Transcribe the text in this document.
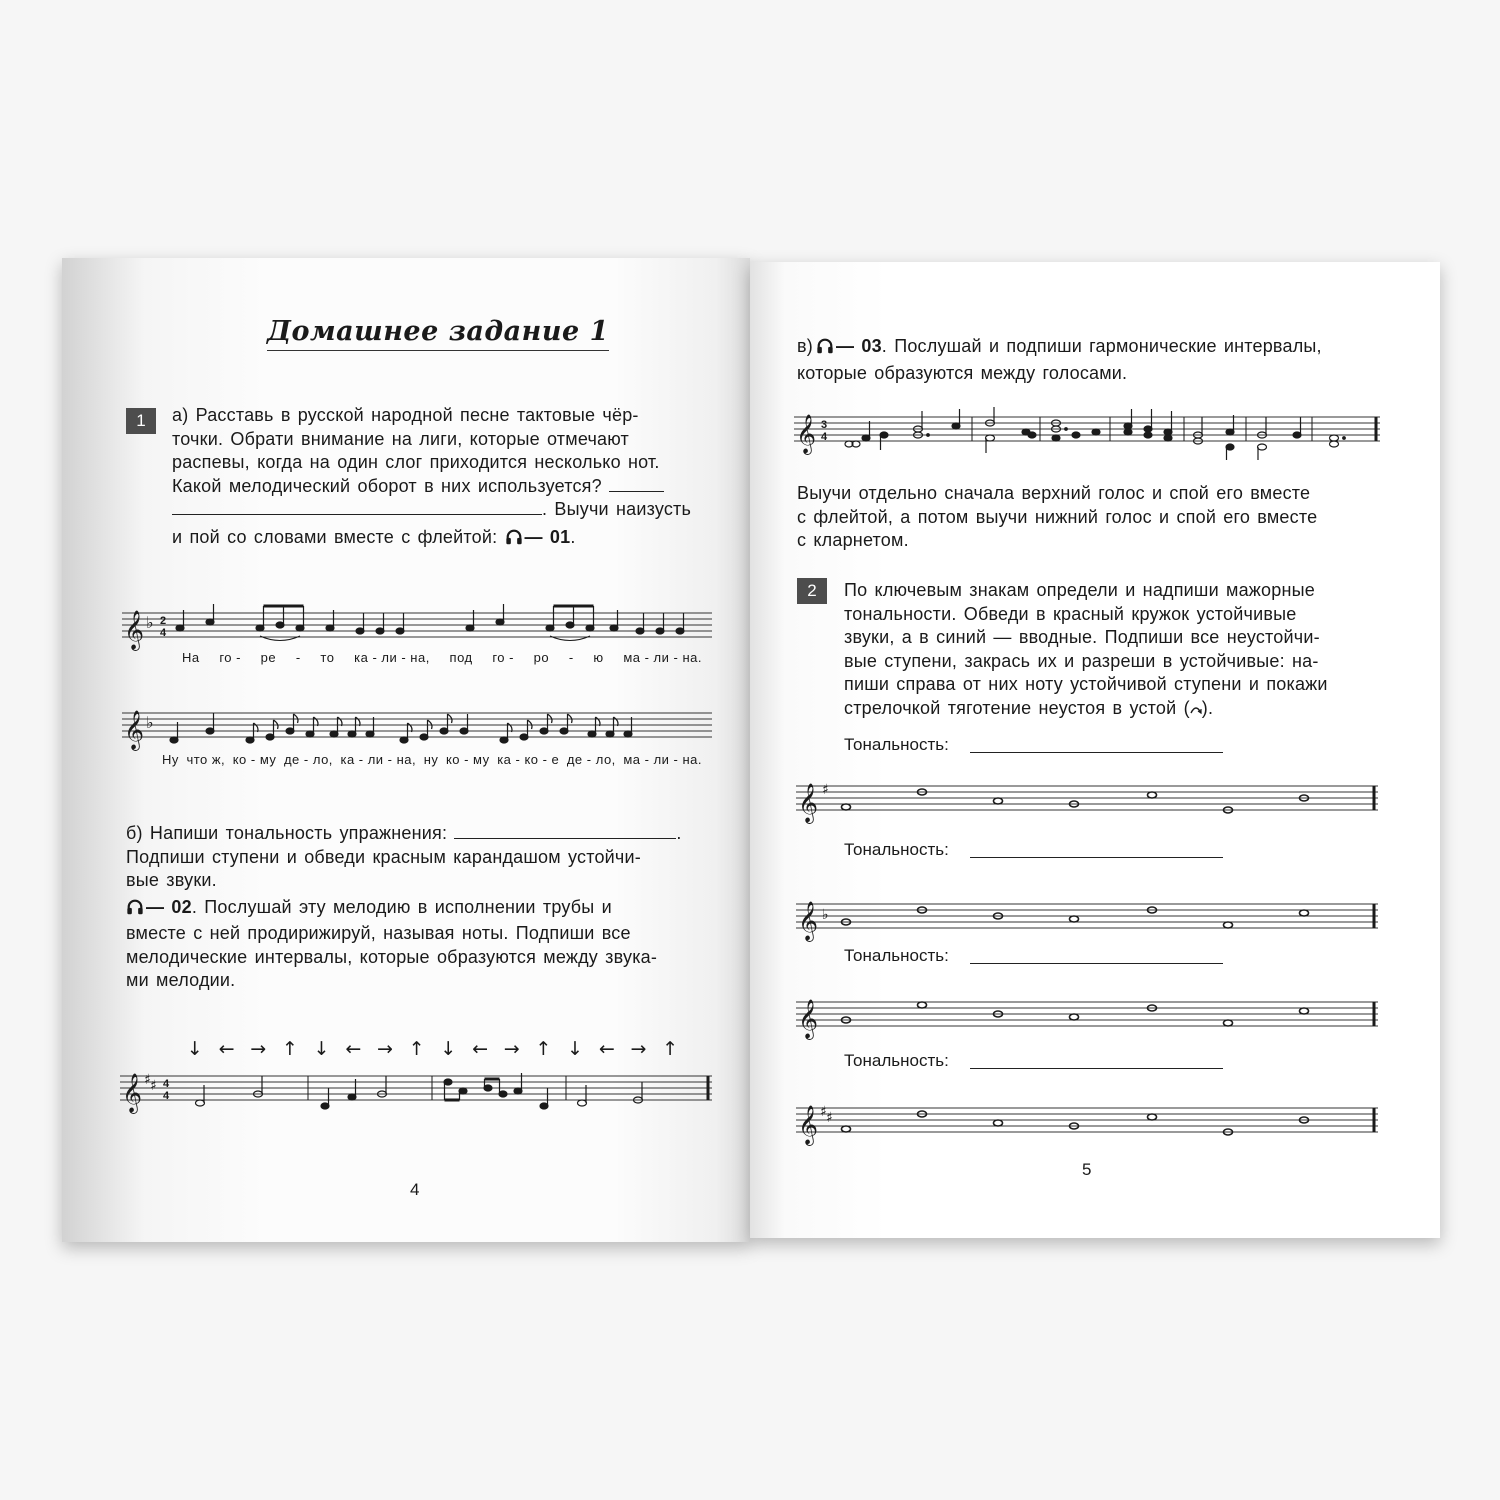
Домашнее задание 1
1	а) Расставь в русской народной песне тактовые чёр-
точки. Обрати внимание на лиги, которые отмечают
распевы, когда на один слог приходится несколько нот.
Какой мелодический оборот в них используется?
. Выучи наизусть
и пой со словами вместе с флейтой: — 01.
𝄞 ♭ 2
4
На го - ре - то ка - ли - на, под го - ро - ю ма - ли - на.
𝄞 ♭
Ну что ж, ко - му де - ло, ка - ли - на, ну ко - му ка - ко - е де - ло, ма - ли - на.
б) Напиши тональность упражнения:	.
Подпиши ступени и обведи красным карандашом устойчи-
вые звуки.
— 02. Послушай эту мелодию в исполнении трубы и
вместе с ней продирижируй, называя ноты. Подпиши все
мелодические интервалы, которые образуются между звука-
ми мелодии.
↓ ← → ↑ ↓ ← → ↑ ↓ ← → ↑ ↓ ← → ↑
𝄞 ♯ ♯ 4
4
4
в) — 03. Послушай и подпиши гармонические интервалы,
которые образуются между голосами.
𝄞 3
4
Выучи отдельно сначала верхний голос и спой его вместе
с флейтой, а потом выучи нижний голос и спой его вместе
с кларнетом.
2	По ключевым знакам определи и надпиши мажорные
тональности. Обведи в красный кружок устойчивые
звуки, а в синий — вводные. Подпиши все неустойчи-
вые ступени, закрась их и разреши в устойчивые: на-
пиши справа от них ноту устойчивой ступени и покажи
стрелочкой тяготение неустоя в устой ( ).
Тональность:
𝄞 ♯
Тональность:
𝄞 ♭
Тональность:
𝄞
Тональность:
𝄞 ♯ ♯
5
